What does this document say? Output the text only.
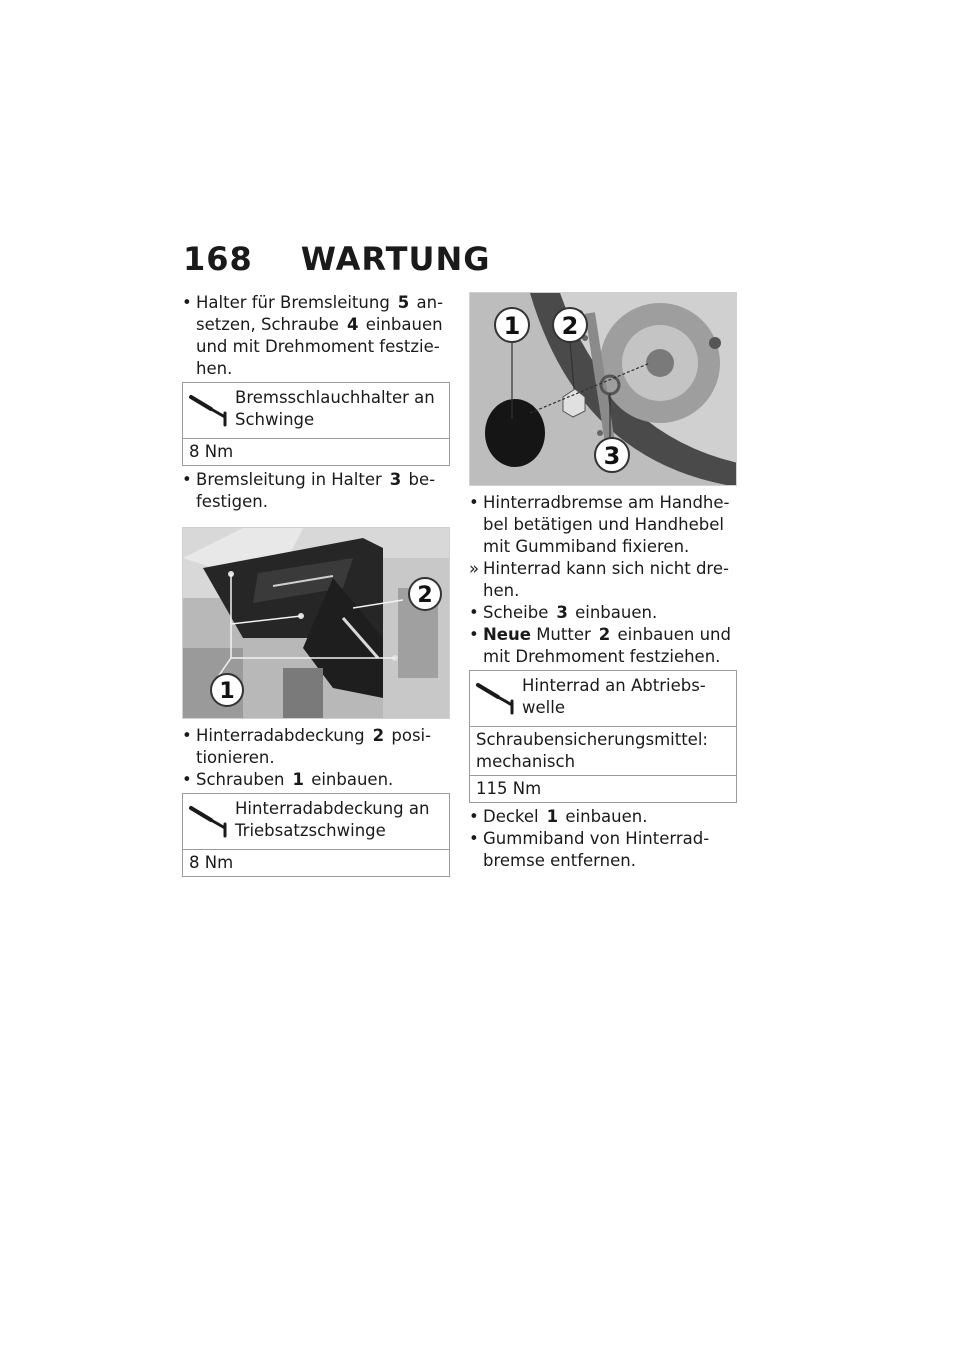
168 WARTUNG
• Halter für Bremsleitung 5 an-setzen, Schraube 4 einbauen und mit Drehmoment festzie-hen.
Bremsschlauchhalter an Schwinge
8 Nm
• Bremsleitung in Halter 3 be-festigen.
1
2
• Hinterradabdeckung 2 posi-tionieren.
• Schrauben 1 einbauen.
Hinterradabdeckung an Triebsatzschwinge
8 Nm
1 2
3
• Hinterradbremse am Handhe-bel betätigen und Handhebel mit Gummiband fixieren.
» Hinterrad kann sich nicht dre-hen.
• Scheibe 3 einbauen.
• Neue Mutter 2 einbauen und mit Drehmoment festziehen.
Hinterrad an Abtriebs-welle
Schraubensicherungsmittel: mechanisch
115 Nm
• Deckel 1 einbauen.
• Gummiband von Hinterrad-bremse entfernen.
